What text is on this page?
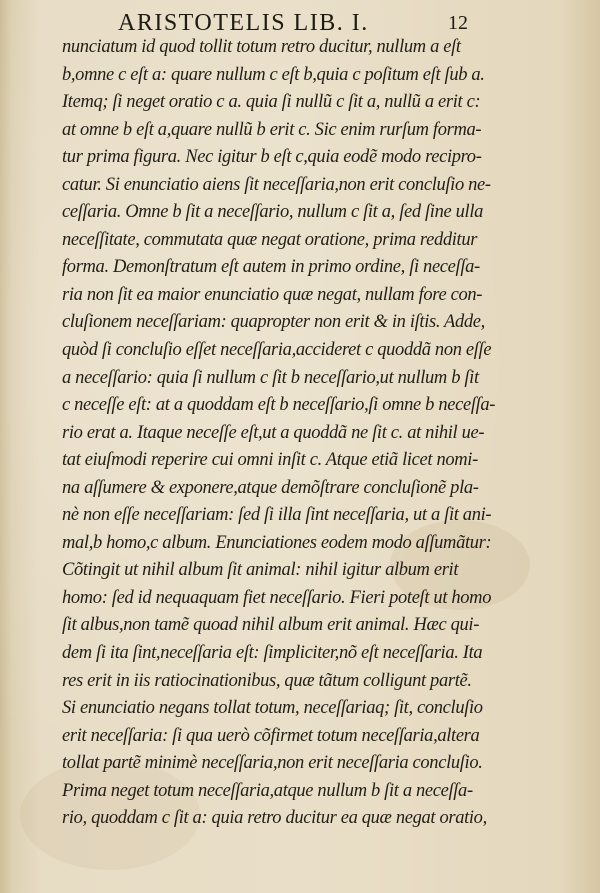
ARISTOTELIS LIB. I.	12
nunciatum id quod tollit totum retro ducitur, nullum a eſt
b,omne c eſt a: quare nullum c eſt b,quia c poſitum eſt ſub a.
Itemq; ſi neget oratio c a. quia ſi nullũ c ſit a, nullũ a erit c:
at omne b eſt a,quare nullũ b erit c. Sic enim rurſum forma-
tur prima figura. Nec igitur b eſt c,quia eodẽ modo recipro-
catur. Si enunciatio aiens ſit neceſſaria,non erit concluſio ne-
ceſſaria. Omne b ſit a neceſſario, nullum c ſit a, ſed ſine ulla
neceſſitate, commutata quæ negat oratione, prima redditur
forma. Demonſtratum eſt autem in primo ordine, ſi neceſſa-
ria non ſit ea maior enunciatio quæ negat, nullam fore con-
cluſionem neceſſariam: quapropter non erit & in iſtis. Adde,
quòd ſi concluſio eſſet neceſſaria,accideret c quoddã non eſſe
a neceſſario: quia ſi nullum c ſit b neceſſario,ut nullum b ſit
c neceſſe eſt: at a quoddam eſt b neceſſario,ſi omne b neceſſa-
rio erat a. Itaque neceſſe eſt,ut a quoddã ne ſit c. at nihil ue-
tat eiuſmodi reperire cui omni inſit c. Atque etiã licet nomi-
na aſſumere & exponere,atque demõſtrare concluſionẽ pla-
nè non eſſe neceſſariam: ſed ſi illa ſint neceſſaria, ut a ſit ani-
mal,b homo,c album. Enunciationes eodem modo aſſumãtur:
Cõtingit ut nihil album ſit animal: nihil igitur album erit
homo: ſed id nequaquam fiet neceſſario. Fieri poteſt ut homo
ſit albus,non tamẽ quoad nihil album erit animal. Hæc qui-
dem ſi ita ſint,neceſſaria eſt: ſimpliciter,nõ eſt neceſſaria. Ita
res erit in iis ratiocinationibus, quæ tãtum colligunt partẽ.
Si enunciatio negans tollat totum, neceſſariaq; ſit, concluſio
erit neceſſaria: ſi qua uerò cõfirmet totum neceſſaria,altera
tollat partẽ minimè neceſſaria,non erit neceſſaria concluſio.
Prima neget totum neceſſaria,atque nullum b ſit a neceſſa-
rio, quoddam c ſit a: quia retro ducitur ea quæ negat oratio,
